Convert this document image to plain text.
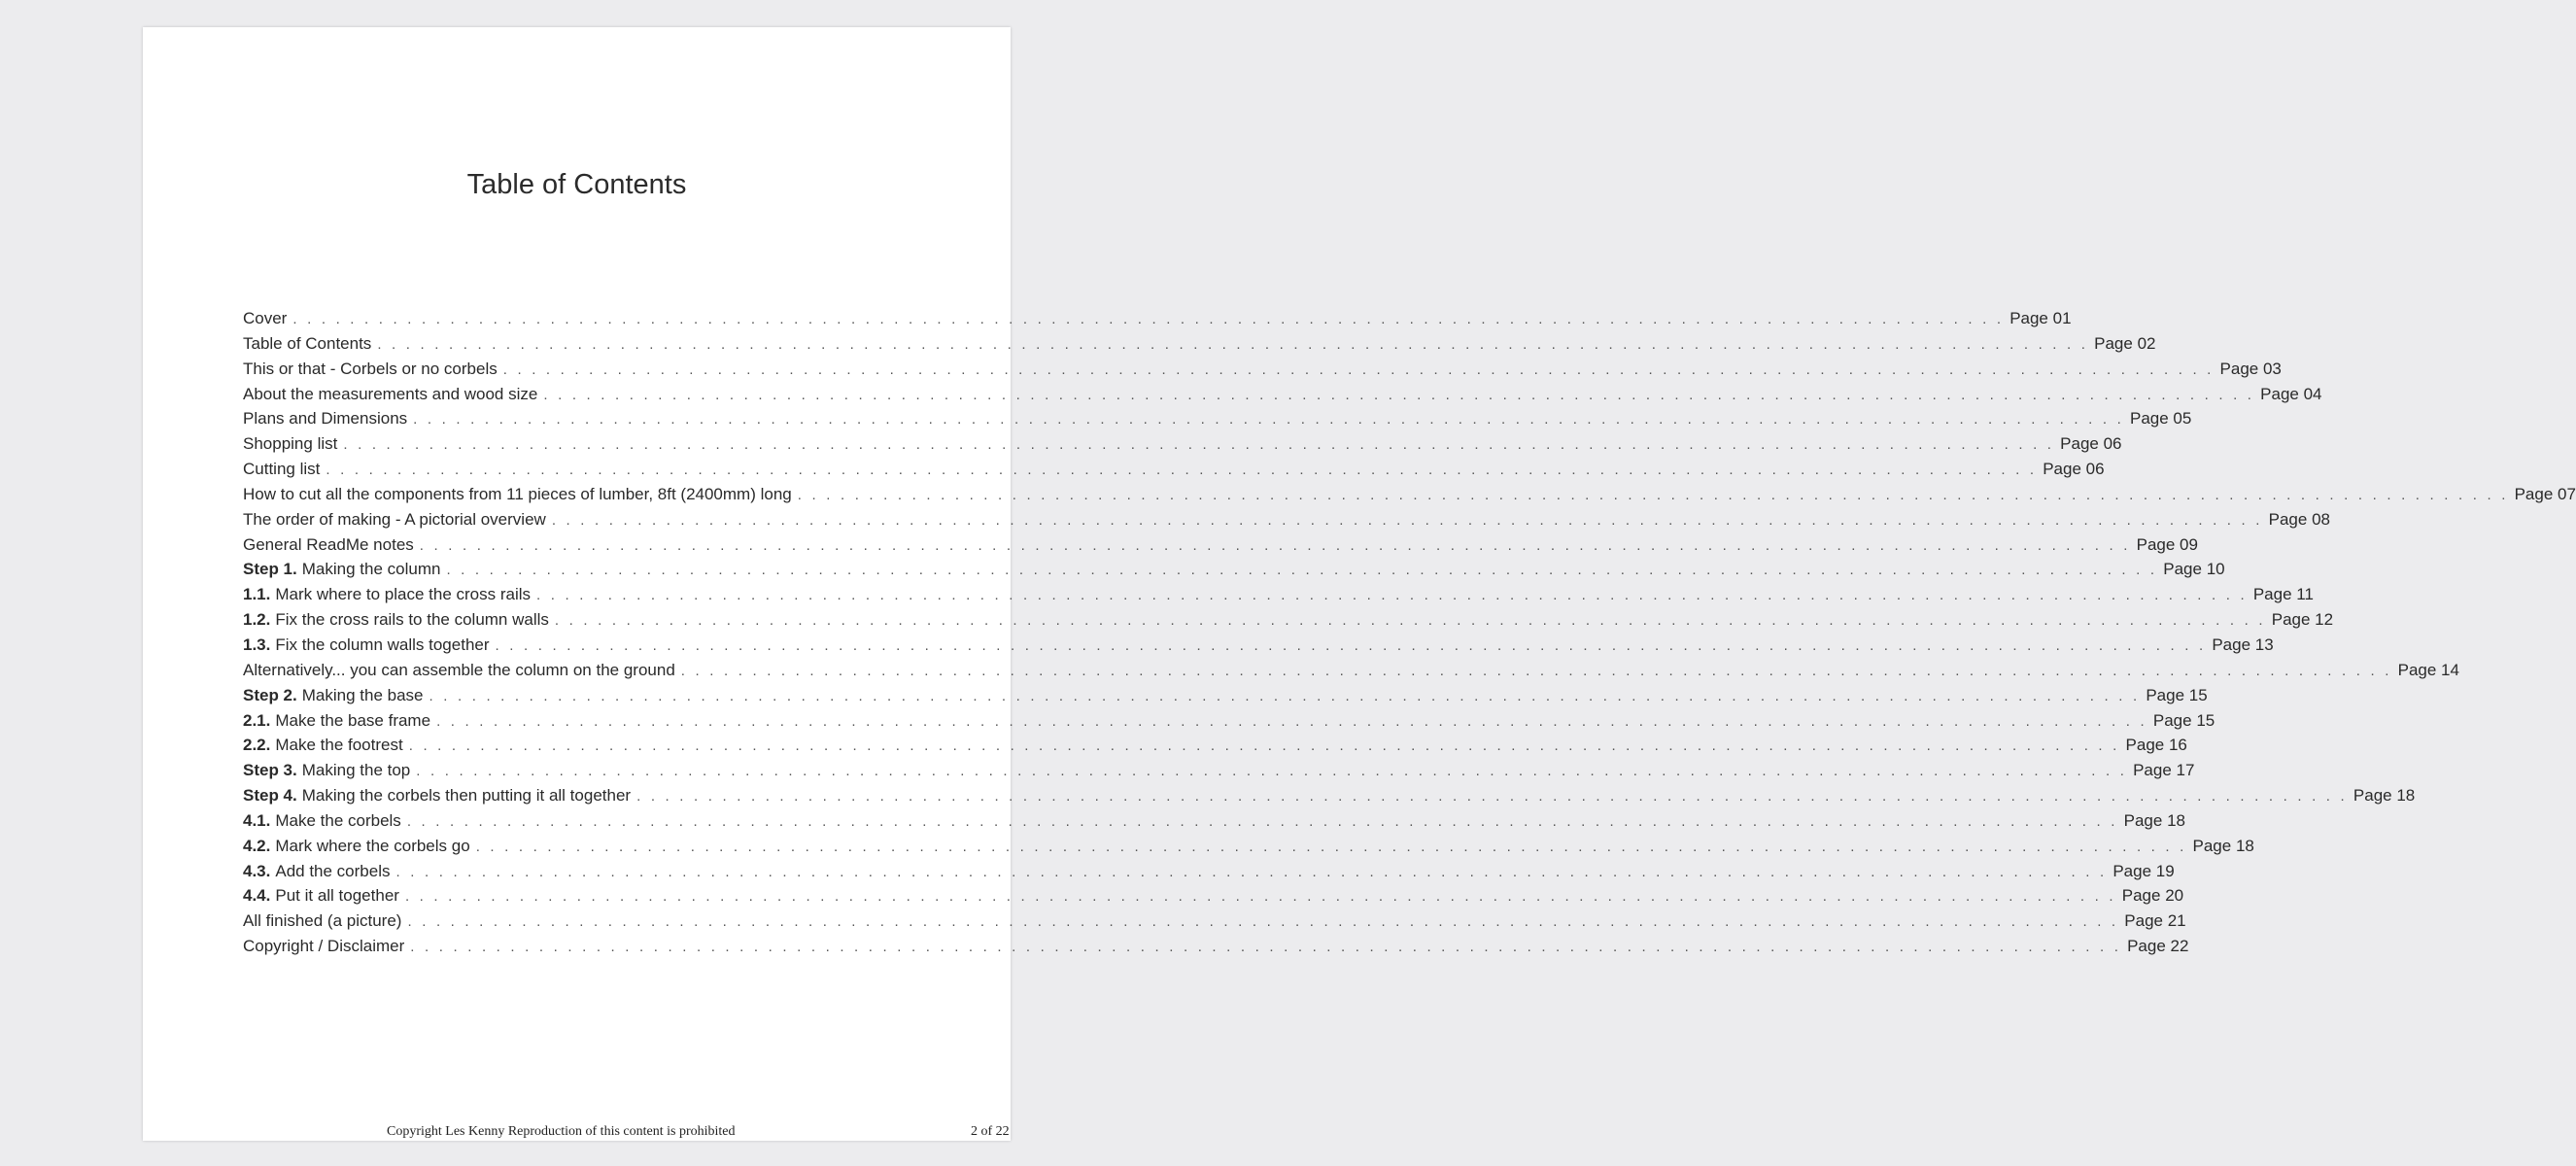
Table of Contents
Cover . . . . . . . . . . . . . . . . . . . . . . . . . . . . . . . . . . . . . . . . . . . . . . . . . . . . . . . . . . . . . . . . . . . . . . . . . . . . . . . . . . . . . . . . . . . . . . . . . . . . . . . . . . . . . . . . . . . . . . . . Page 01
Table of Contents . . . . . . . . . . . . . . . . . . . . . . . . . . . . . . . . . . . . . . . . . . . . . . . . . . . . . . . . . . . . . . . . . . . . . . . . . . . . . . . . . . . . . . . . . . . . . . . . . . . . . . . . . . . . . . . . . . . . . . . . Page 02
This or that - Corbels or no corbels . . . . . . . . . . . . . . . . . . . . . . . . . . . . . . . . . . . . . . . . . . . . . . . . . . . . . . . . . . . . . . . . . . . . . . . . . . . . . . . . . . . . . . . . . . . . . . . . . . . . . . . . . . . . . . . . . . . . . . . . Page 03
About the measurements and wood size . . . . . . . . . . . . . . . . . . . . . . . . . . . . . . . . . . . . . . . . . . . . . . . . . . . . . . . . . . . . . . . . . . . . . . . . . . . . . . . . . . . . . . . . . . . . . . . . . . . . . . . . . . . . . . . . . . . . . . . . Page 04
Plans and Dimensions . . . . . . . . . . . . . . . . . . . . . . . . . . . . . . . . . . . . . . . . . . . . . . . . . . . . . . . . . . . . . . . . . . . . . . . . . . . . . . . . . . . . . . . . . . . . . . . . . . . . . . . . . . . . . . . . . . . . . . . . Page 05
Shopping list . . . . . . . . . . . . . . . . . . . . . . . . . . . . . . . . . . . . . . . . . . . . . . . . . . . . . . . . . . . . . . . . . . . . . . . . . . . . . . . . . . . . . . . . . . . . . . . . . . . . . . . . . . . . . . . . . . . . . . . . Page 06
Cutting list . . . . . . . . . . . . . . . . . . . . . . . . . . . . . . . . . . . . . . . . . . . . . . . . . . . . . . . . . . . . . . . . . . . . . . . . . . . . . . . . . . . . . . . . . . . . . . . . . . . . . . . . . . . . . . . . . . . . . . . . Page 06
How to cut all the components from 11 pieces of lumber, 8ft (2400mm) long . . . . . . . . . . . . . . . . . . . . . . . . . . . . . . . . . . . . . . . . . . . . . . . . . . . . . . . . . . . . . . . . . . . . . . . . . . . . . . . . . . . . . . . . . . . . . . . . . . . . . . . . . . . . . . . . . . . . . . . . Page 07
The order of making - A pictorial overview . . . . . . . . . . . . . . . . . . . . . . . . . . . . . . . . . . . . . . . . . . . . . . . . . . . . . . . . . . . . . . . . . . . . . . . . . . . . . . . . . . . . . . . . . . . . . . . . . . . . . . . . . . . . . . . . . . . . . . . . Page 08
General ReadMe notes . . . . . . . . . . . . . . . . . . . . . . . . . . . . . . . . . . . . . . . . . . . . . . . . . . . . . . . . . . . . . . . . . . . . . . . . . . . . . . . . . . . . . . . . . . . . . . . . . . . . . . . . . . . . . . . . . . . . . . . . Page 09
Step 1. Making the column . . . . . . . . . . . . . . . . . . . . . . . . . . . . . . . . . . . . . . . . . . . . . . . . . . . . . . . . . . . . . . . . . . . . . . . . . . . . . . . . . . . . . . . . . . . . . . . . . . . . . . . . . . . . . . . . . . . . . . . . Page 10
1.1. Mark where to place the cross rails . . . . . . . . . . . . . . . . . . . . . . . . . . . . . . . . . . . . . . . . . . . . . . . . . . . . . . . . . . . . . . . . . . . . . . . . . . . . . . . . . . . . . . . . . . . . . . . . . . . . . . . . . . . . . . . . . . . . . . . . Page 11
1.2. Fix the cross rails to the column walls . . . . . . . . . . . . . . . . . . . . . . . . . . . . . . . . . . . . . . . . . . . . . . . . . . . . . . . . . . . . . . . . . . . . . . . . . . . . . . . . . . . . . . . . . . . . . . . . . . . . . . . . . . . . . . . . . . . . . . . . Page 12
1.3. Fix the column walls together . . . . . . . . . . . . . . . . . . . . . . . . . . . . . . . . . . . . . . . . . . . . . . . . . . . . . . . . . . . . . . . . . . . . . . . . . . . . . . . . . . . . . . . . . . . . . . . . . . . . . . . . . . . . . . . . . . . . . . . . Page 13
Alternatively... you can assemble the column on the ground . . . . . . . . . . . . . . . . . . . . . . . . . . . . . . . . . . . . . . . . . . . . . . . . . . . . . . . . . . . . . . . . . . . . . . . . . . . . . . . . . . . . . . . . . . . . . . . . . . . . . . . . . . . . . . . . . . . . . . . . Page 14
Step 2. Making the base . . . . . . . . . . . . . . . . . . . . . . . . . . . . . . . . . . . . . . . . . . . . . . . . . . . . . . . . . . . . . . . . . . . . . . . . . . . . . . . . . . . . . . . . . . . . . . . . . . . . . . . . . . . . . . . . . . . . . . . . Page 15
2.1. Make the base frame . . . . . . . . . . . . . . . . . . . . . . . . . . . . . . . . . . . . . . . . . . . . . . . . . . . . . . . . . . . . . . . . . . . . . . . . . . . . . . . . . . . . . . . . . . . . . . . . . . . . . . . . . . . . . . . . . . . . . . . . Page 15
2.2. Make the footrest . . . . . . . . . . . . . . . . . . . . . . . . . . . . . . . . . . . . . . . . . . . . . . . . . . . . . . . . . . . . . . . . . . . . . . . . . . . . . . . . . . . . . . . . . . . . . . . . . . . . . . . . . . . . . . . . . . . . . . . . Page 16
Step 3. Making the top . . . . . . . . . . . . . . . . . . . . . . . . . . . . . . . . . . . . . . . . . . . . . . . . . . . . . . . . . . . . . . . . . . . . . . . . . . . . . . . . . . . . . . . . . . . . . . . . . . . . . . . . . . . . . . . . . . . . . . . . Page 17
Step 4. Making the corbels then putting it all together . . . . . . . . . . . . . . . . . . . . . . . . . . . . . . . . . . . . . . . . . . . . . . . . . . . . . . . . . . . . . . . . . . . . . . . . . . . . . . . . . . . . . . . . . . . . . . . . . . . . . . . . . . . . . . . . . . . . . . . . Page 18
4.1. Make the corbels . . . . . . . . . . . . . . . . . . . . . . . . . . . . . . . . . . . . . . . . . . . . . . . . . . . . . . . . . . . . . . . . . . . . . . . . . . . . . . . . . . . . . . . . . . . . . . . . . . . . . . . . . . . . . . . . . . . . . . . . Page 18
4.2. Mark where the corbels go . . . . . . . . . . . . . . . . . . . . . . . . . . . . . . . . . . . . . . . . . . . . . . . . . . . . . . . . . . . . . . . . . . . . . . . . . . . . . . . . . . . . . . . . . . . . . . . . . . . . . . . . . . . . . . . . . . . . . . . . Page 18
4.3. Add the corbels . . . . . . . . . . . . . . . . . . . . . . . . . . . . . . . . . . . . . . . . . . . . . . . . . . . . . . . . . . . . . . . . . . . . . . . . . . . . . . . . . . . . . . . . . . . . . . . . . . . . . . . . . . . . . . . . . . . . . . . . Page 19
4.4. Put it all together . . . . . . . . . . . . . . . . . . . . . . . . . . . . . . . . . . . . . . . . . . . . . . . . . . . . . . . . . . . . . . . . . . . . . . . . . . . . . . . . . . . . . . . . . . . . . . . . . . . . . . . . . . . . . . . . . . . . . . . . Page 20
All finished (a picture) . . . . . . . . . . . . . . . . . . . . . . . . . . . . . . . . . . . . . . . . . . . . . . . . . . . . . . . . . . . . . . . . . . . . . . . . . . . . . . . . . . . . . . . . . . . . . . . . . . . . . . . . . . . . . . . . . . . . . . . . Page 21
Copyright / Disclaimer . . . . . . . . . . . . . . . . . . . . . . . . . . . . . . . . . . . . . . . . . . . . . . . . . . . . . . . . . . . . . . . . . . . . . . . . . . . . . . . . . . . . . . . . . . . . . . . . . . . . . . . . . . . . . . . . . . . . . . . . Page 22
Copyright Les Kenny Reproduction of this content is prohibited	2 of 22
